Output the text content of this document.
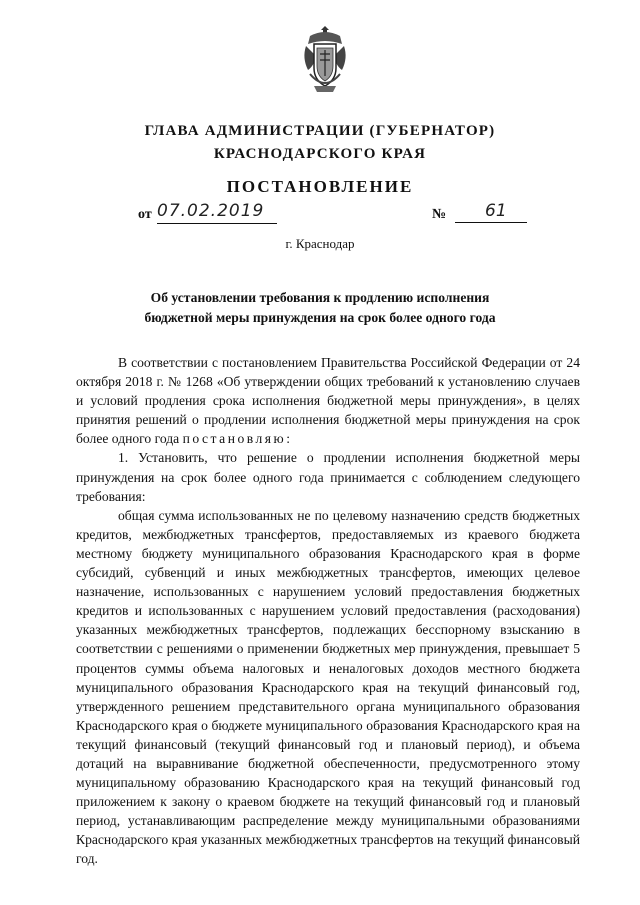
ГЛАВА АДМИНИСТРАЦИИ (ГУБЕРНАТОР)
КРАСНОДАРСКОГО КРАЯ
ПОСТАНОВЛЕНИЕ
от 07.02.2019	№	61
г. Краснодар
Об установлении требования к продлению исполнения
бюджетной меры принуждения на срок более одного года

В соответствии с постановлением Правительства Российской Федерации от 24 октября 2018 г. № 1268 «Об утверждении общих требований к установлению случаев и условий продления срока исполнения бюджетной меры принуждения», в целях принятия решений о продлении исполнения бюджетной меры принуждения на срок более одного года постановляю:

1. Установить, что решение о продлении исполнения бюджетной меры принуждения на срок более одного года принимается с соблюдением следующего требования:

общая сумма использованных не по целевому назначению средств бюджетных кредитов, межбюджетных трансфертов, предоставляемых из краевого бюджета местному бюджету муниципального образования Краснодарского края в форме субсидий, субвенций и иных межбюджетных трансфертов, имеющих целевое назначение, использованных с нарушением условий предоставления бюджетных кредитов и использованных с нарушением условий предоставления (расходования) указанных межбюджетных трансфертов, подлежащих бесспорному взысканию в соответствии с решениями о применении бюджетных мер принуждения, превышает 5 процентов суммы объема налоговых и неналоговых доходов местного бюджета муниципального образования Краснодарского края на текущий финансовый год, утвержденного решением представительного органа муниципального образования Краснодарского края о бюджете муниципального образования Краснодарского края на текущий финансовый (текущий финансовый год и плановый период), и объема дотаций на выравнивание бюджетной обеспеченности, предусмотренного этому муниципальному образованию Краснодарского края на текущий финансовый год приложением к закону о краевом бюджете на текущий финансовый год и плановый период, устанавливающим распределение между муниципальными образованиями Краснодарского края указанных межбюджетных трансфертов на текущий финансовый год.
